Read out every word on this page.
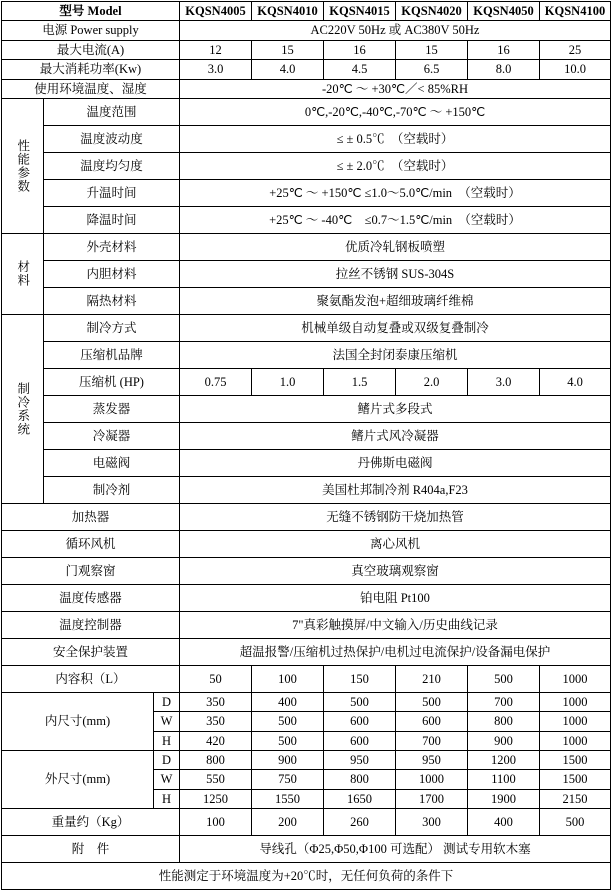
型号 Model			KQSN4005	KQSN4010	KQSN4015	KQSN4020	KQSN4050	KQSN4100
电源 Power supply			AC220V 50Hz 或 AC380V 50Hz					
最大电流(A)			12	15	16	15	16	25
最大消耗功率(Kw)			3.0	4.0	4.5	6.5	8.0	10.0
使用环境温度、湿度			-20℃ ～ +30℃／< 85%RH					
性能参数	温度范围		0℃,-20℃,-40℃,-70℃ ～ +150℃					
	温度波动度		≤ ± 0.5℃　（空载时）					
	温度均匀度		≤ ± 2.0℃　（空载时）					
	升温时间		+25℃ ～ +150℃ ≤1.0～5.0℃/min　（空载时）					
	降温时间		+25℃ ～ -40℃　≤0.7～1.5℃/min　（空载时）					
材料	外壳材料		优质冷轧钢板喷塑					
	内胆材料		拉丝不锈钢 SUS-304S					
	隔热材料		聚氨酯发泡+超细玻璃纤维棉					
制冷系统	制冷方式		机械单级自动复叠或双级复叠制冷					
	压缩机品牌		法国全封闭泰康压缩机					
	压缩机 (HP)		0.75	1.0	1.5	2.0	3.0	4.0
	蒸发器		鳍片式多段式					
	冷凝器		鳍片式风冷凝器					
	电磁阀		丹佛斯电磁阀					
	制冷剂		美国杜邦制冷剂 R404a,F23					
加热器			无缝不锈钢防干烧加热管					
循环风机			离心风机					
门观察窗			真空玻璃观察窗					
温度传感器			铂电阻 Pt100					
温度控制器			7"真彩触摸屏/中文输入/历史曲线记录					
安全保护装置			超温报警/压缩机过热保护/电机过电流保护/设备漏电保护					
内容积（L）			50	100	150	210	500	1000
内尺寸(mm)		D	350	400	500	500	700	1000
		W	350	500	600	600	800	1000
		H	420	500	600	700	900	1000
外尺寸(mm)		D	800	900	950	950	1200	1500
		W	550	750	800	1000	1100	1500
		H	1250	1550	1650	1700	1900	2150
重量约（Kg）			100	200	260	300	400	500
附　件			导线孔（Φ25,Φ50,Φ100 可选配） 测试专用软木塞					
性能测定于环境温度为+20℃时，无任何负荷的条件下								
